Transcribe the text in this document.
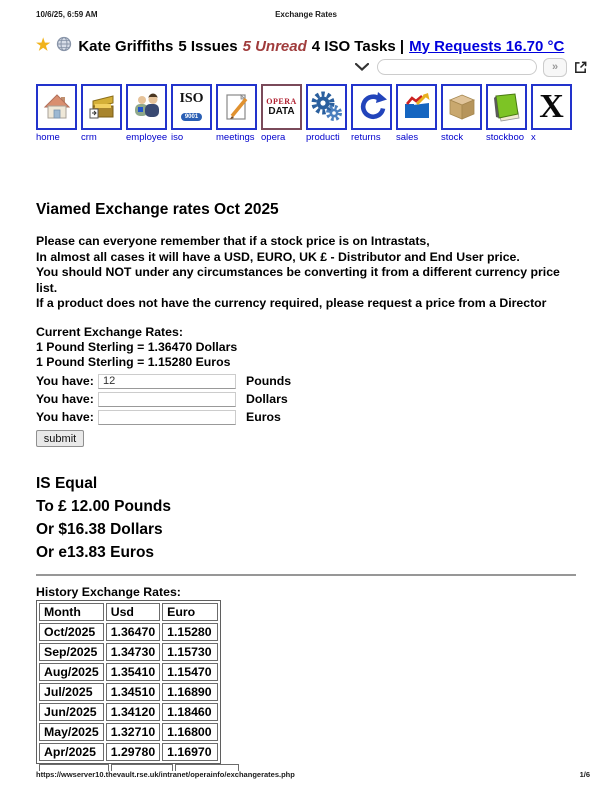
10/6/25, 6:59 AM	Exchange Rates
★ Kate Griffiths 5 Issues 5 Unread 4 ISO Tasks | My Requests 16.70 °C
»
home	crm	employee
ISO
9001
iso	meetings
OPERA
DATA
opera	producti	returns	sales	stock	stockboo
X
x
Viamed Exchange rates Oct 2025
Please can everyone remember that if a stock price is on Intrastats,
In almost all cases it will have a USD, EURO, UK £ - Distributor and End User price.
You should NOT under any circumstances be converting it from a different currency price list.
If a product does not have the currency required, please request a price from a Director
Current Exchange Rates:
1 Pound Sterling = 1.36470 Dollars
1 Pound Sterling = 1.15280 Euros
You have:
12	Pounds
You have:	Dollars
You have:	Euros
submit
IS Equal
To £ 12.00 Pounds
Or $16.38 Dollars
Or e13.83 Euros
History Exchange Rates:
Month	Usd	Euro
Oct/2025	1.36470	1.15280
Sep/2025	1.34730	1.15730
Aug/2025	1.35410	1.15470
Jul/2025	1.34510	1.16890
Jun/2025	1.34120	1.18460
May/2025	1.32710	1.16800
Apr/2025	1.29780	1.16970
https://wwserver10.thevault.rse.uk/intranet/operainfo/exchangerates.php	1/6
